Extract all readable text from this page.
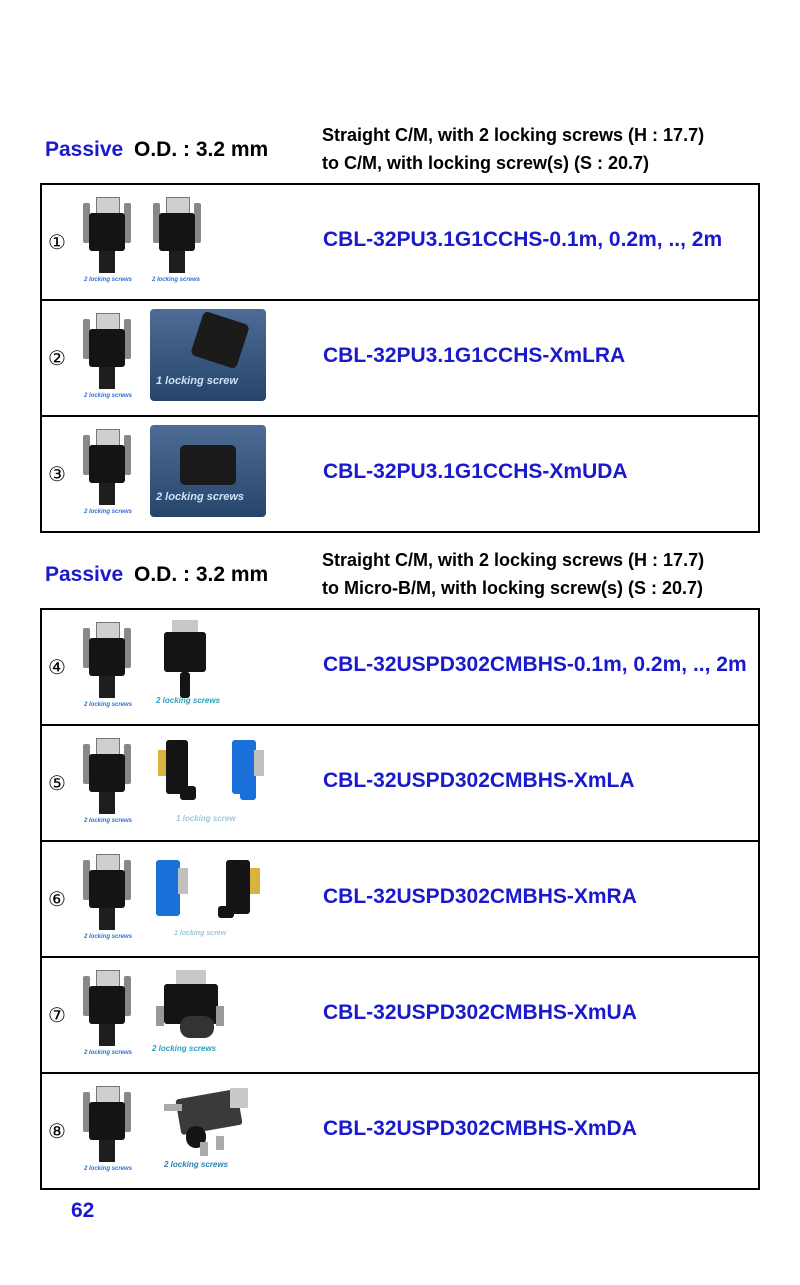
Passive O.D. : 3.2 mm
Straight C/M, with 2 locking screws (H : 17.7)
to C/M, with locking screw(s) (S : 20.7)
①
2 locking screws	2 locking screws
CBL-32PU3.1G1CCHS-0.1m, 0.2m, .., 2m
②
2 locking screws
1 locking screw
CBL-32PU3.1G1CCHS-XmLRA
③
2 locking screws
2 locking screws
CBL-32PU3.1G1CCHS-XmUDA
Passive O.D. : 3.2 mm
Straight C/M, with 2 locking screws (H : 17.7)
to Micro-B/M, with locking screw(s) (S : 20.7)
④
2 locking screws	2 locking screws
CBL-32USPD302CMBHS-0.1m, 0.2m, .., 2m
⑤
2 locking screws	1 locking screw
CBL-32USPD302CMBHS-XmLA
⑥
2 locking screws	1 locking screw
CBL-32USPD302CMBHS-XmRA
⑦
2 locking screws 2 locking screws
CBL-32USPD302CMBHS-XmUA
⑧
2 locking screws	2 locking screws
CBL-32USPD302CMBHS-XmDA
62
